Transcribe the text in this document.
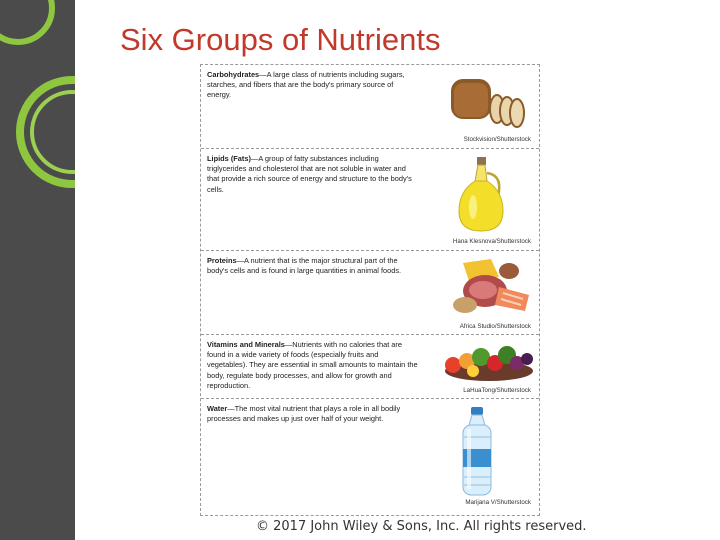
Six Groups of Nutrients
Carbohydrates—A large class of nutrients including sugars, starches, and fibers that are the body's primary source of energy.
Stockvision/Shutterstock
Lipids (Fats)—A group of fatty substances including triglycerides and cholesterol that are not soluble in water and that provide a rich source of energy and structure to the body's cells.
Hana Klesnova/Shutterstock
Proteins—A nutrient that is the major structural part of the body's cells and is found in large quantities in animal foods.
Africa Studio/Shutterstock
Vitamins and Minerals—Nutrients with no calories that are found in a wide variety of foods (especially fruits and vegetables). They are essential in small amounts to maintain the body, regulate body processes, and allow for growth and reproduction.
LaHuaTong/Shutterstock
Water—The most vital nutrient that plays a role in all bodily processes and makes up just over half of your weight.
Marijana V/Shutterstock
© 2017 John Wiley & Sons, Inc. All rights reserved.
